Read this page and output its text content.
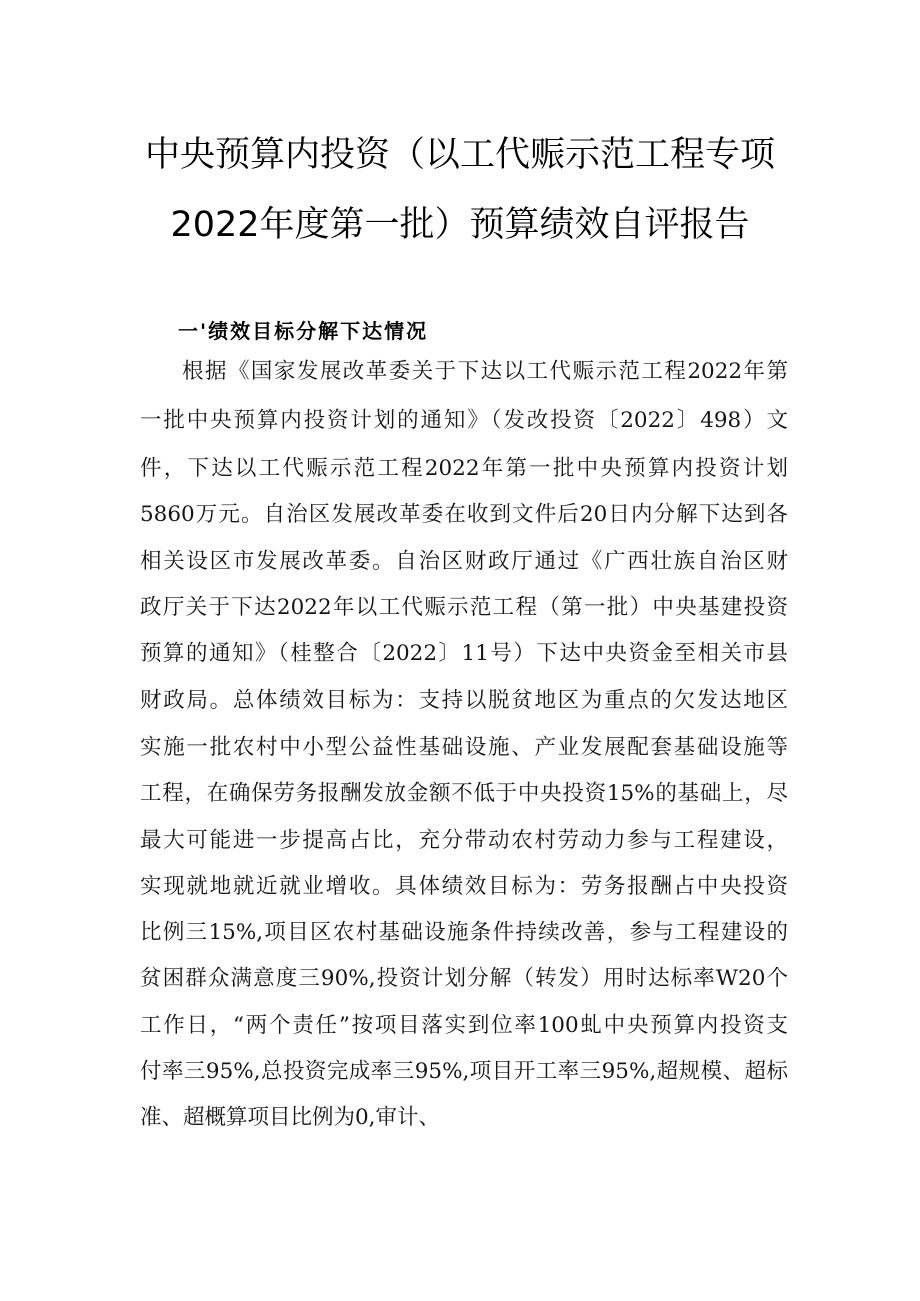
中央预算内投资（以工代赈示范工程专项
2022年度第一批）预算绩效自评报告
一'绩效目标分解下达情况
根据《国家发展改革委关于下达以工代赈示范工程2022年第
一批中央预算内投资计划的通知》（发改投资〔2022〕498）文
件，下达以工代赈示范工程2022年第一批中央预算内投资计划
5860万元。自治区发展改革委在收到文件后20日内分解下达到各
相关设区市发展改革委。自治区财政厅通过《广西壮族自治区财
政厅关于下达2022年以工代赈示范工程（第一批）中央基建投资
预算的通知》（桂整合〔2022〕11号）下达中央资金至相关市县
财政局。总体绩效目标为：支持以脱贫地区为重点的欠发达地区
实施一批农村中小型公益性基础设施、产业发展配套基础设施等
工程，在确保劳务报酬发放金额不低于中央投资15%的基础上，尽
最大可能进一步提高占比，充分带动农村劳动力参与工程建设，
实现就地就近就业增收。具体绩效目标为：劳务报酬占中央投资
比例三15%,项目区农村基础设施条件持续改善，参与工程建设的
贫困群众满意度三90%,投资计划分解（转发）用时达标率W20个
工作日，“两个责任”按项目落实到位率100虬中央预算内投资支
付率三95%,总投资完成率三95%,项目开工率三95%,超规模、超标
准、超概算项目比例为0,审计、
